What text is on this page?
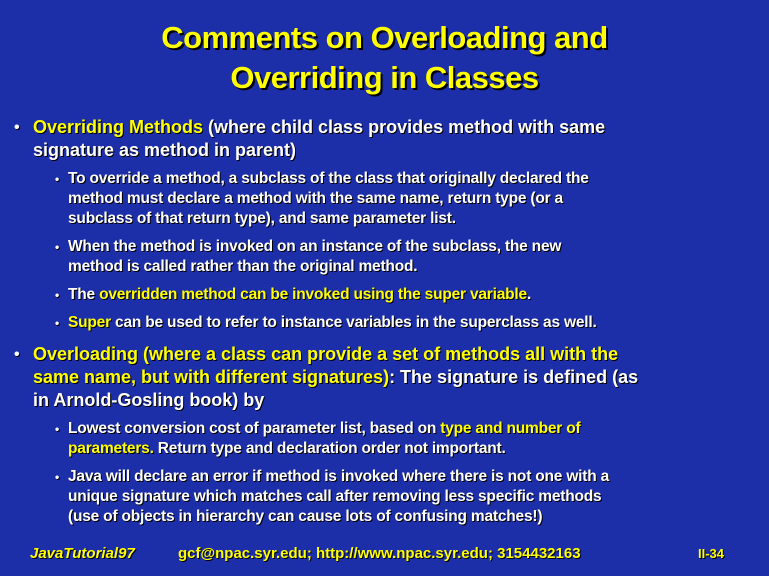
Comments on Overloading and
Overriding in Classes
• Overriding Methods (where child class provides method with same
signature as method in parent)
• To override a method, a subclass of the class that originally declared the
method must declare a method with the same name, return type (or a
subclass of that return type), and same parameter list.
• When the method is invoked on an instance of the subclass, the new
method is called rather than the original method.
• The overridden method can be invoked using the super variable.
• Super can be used to refer to instance variables in the superclass as well.
• Overloading (where a class can provide a set of methods all with the
same name, but with different signatures): The signature is defined (as
in Arnold-Gosling book) by
• Lowest conversion cost of parameter list, based on type and number of
parameters. Return type and declaration order not important.
• Java will declare an error if method is invoked where there is not one with a
unique signature which matches call after removing less specific methods
(use of objects in hierarchy can cause lots of confusing matches!)
JavaTutorial97	gcf@npac.syr.edu; http://www.npac.syr.edu; 3154432163	II-34
